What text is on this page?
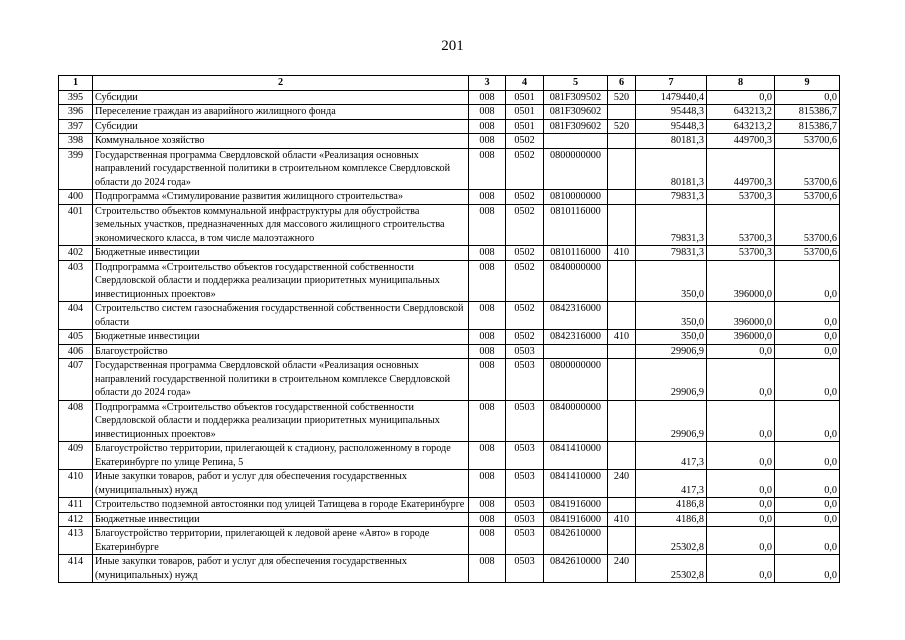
201
1	2	3	4	5	6	7	8	9
395	Субсидии	008	0501	081F309502	520	1479440,4	0,0	0,0
396	Переселение граждан из аварийного жилищного фонда	008	0501	081F309602		95448,3	643213,2	815386,7
397	Субсидии	008	0501	081F309602	520	95448,3	643213,2	815386,7
398	Коммунальное хозяйство	008	0502			80181,3	449700,3	53700,6
399	Государственная программа Свердловской области «Реализация основных направлений государственной политики в строительном комплексе Свердловской области до 2024 года»	008	0502	0800000000		80181,3	449700,3	53700,6
400	Подпрограмма «Стимулирование развития жилищного строительства»	008	0502	0810000000		79831,3	53700,3	53700,6
401	Строительство объектов коммунальной инфраструктуры для обустройства земельных участков, предназначенных для массового жилищного строительства экономического класса, в том числе малоэтажного	008	0502	0810116000		79831,3	53700,3	53700,6
402	Бюджетные инвестиции	008	0502	0810116000	410	79831,3	53700,3	53700,6
403	Подпрограмма «Строительство объектов государственной собственности Свердловской области и поддержка реализации приоритетных муниципальных инвестиционных проектов»	008	0502	0840000000		350,0	396000,0	0,0
404	Строительство систем газоснабжения государственной собственности Свердловской области	008	0502	0842316000		350,0	396000,0	0,0
405	Бюджетные инвестиции	008	0502	0842316000	410	350,0	396000,0	0,0
406	Благоустройство	008	0503			29906,9	0,0	0,0
407	Государственная программа Свердловской области «Реализация основных направлений государственной политики в строительном комплексе Свердловской области до 2024 года»	008	0503	0800000000		29906,9	0,0	0,0
408	Подпрограмма «Строительство объектов государственной собственности Свердловской области и поддержка реализации приоритетных муниципальных инвестиционных проектов»	008	0503	0840000000		29906,9	0,0	0,0
409	Благоустройство территории, прилегающей к стадиону, расположенному в городе Екатеринбурге по улице Репина, 5	008	0503	0841410000		417,3	0,0	0,0
410	Иные закупки товаров, работ и услуг для обеспечения государственных (муниципальных) нужд	008	0503	0841410000	240	417,3	0,0	0,0
411	Строительство подземной автостоянки под улицей Татищева в городе Екатеринбурге	008	0503	0841916000		4186,8	0,0	0,0
412	Бюджетные инвестиции	008	0503	0841916000	410	4186,8	0,0	0,0
413	Благоустройство территории, прилегающей к ледовой арене «Авто» в городе Екатеринбурге	008	0503	0842610000		25302,8	0,0	0,0
414	Иные закупки товаров, работ и услуг для обеспечения государственных (муниципальных) нужд	008	0503	0842610000	240	25302,8	0,0	0,0
